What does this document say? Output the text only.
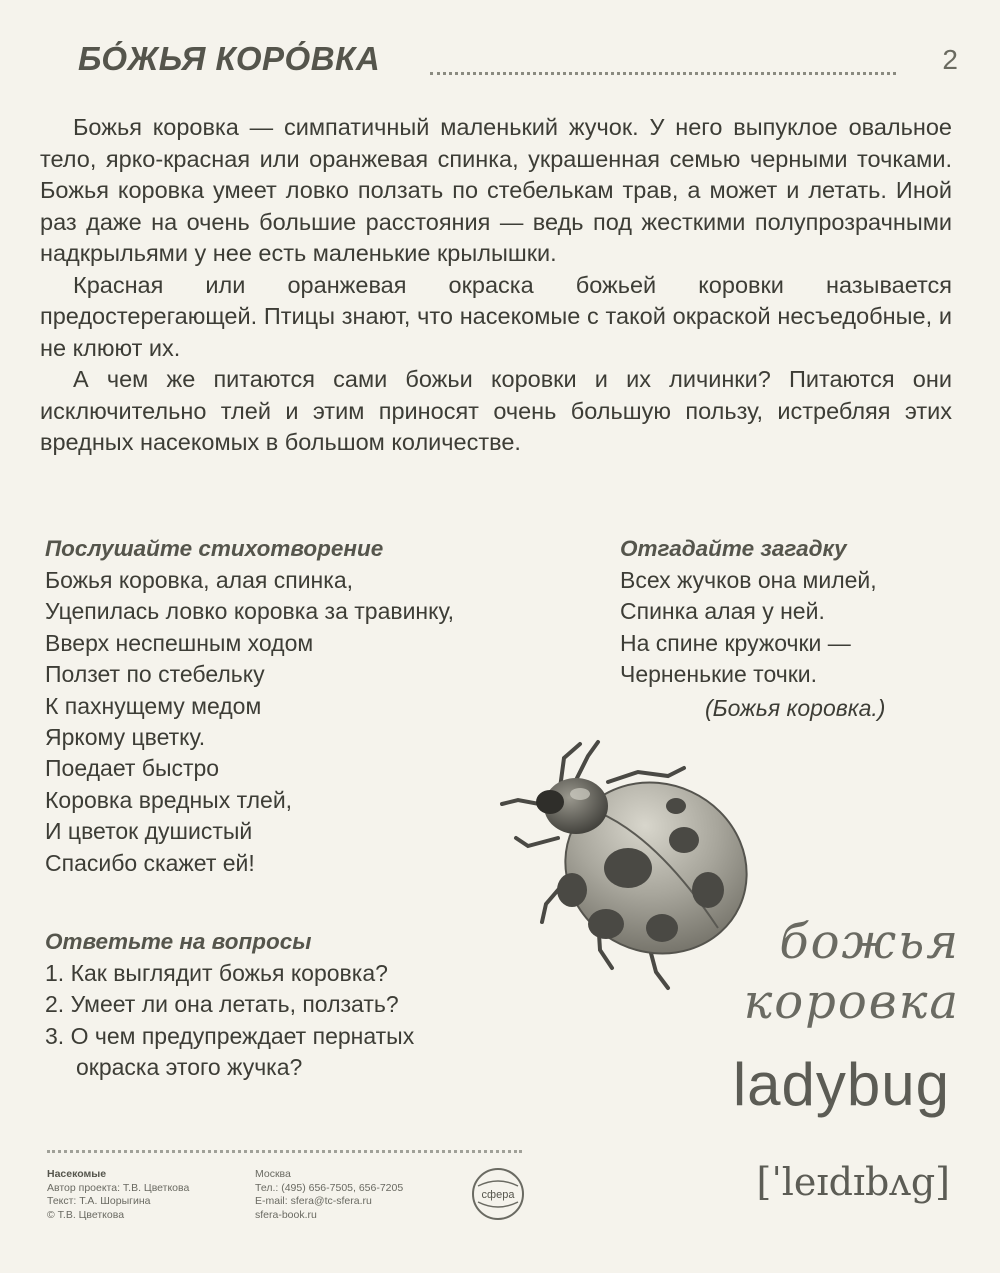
БО́ЖЬЯ КОРО́ВКА	2

Божья коровка — симпатичный маленький жучок. У него выпуклое овальное тело, ярко-красная или оранжевая спинка, украшенная семью черными точками. Божья коровка умеет ловко ползать по стебелькам трав, а может и летать. Иной раз даже на очень большие расстояния — ведь под жесткими полупрозрачными надкрыльями у нее есть маленькие крылышки.

Красная или оранжевая окраска божьей коровки называется предостерегающей. Птицы знают, что насекомые с такой окраской несъедобные, и не клюют их.

А чем же питаются сами божьи коровки и их личинки? Питаются они исключительно тлей и этим приносят очень большую пользу, истребляя этих вредных насекомых в большом количестве.

Послушайте стихотворение
Божья коровка, алая спинка,
Уцепилась ловко коровка за травинку,
Вверх неспешным ходом
Ползет по стебельку
К пахнущему медом
Яркому цветку.
Поедает быстро
Коровка вредных тлей,
И цветок душистый
Спасибо скажет ей!
Отгадайте загадку
Всех жучков она милей,
Спинка алая у ней.
На спине кружочки —
Черненькие точки.
(Божья коровка.)
Ответьте на вопросы
1. Как выглядит божья коровка?
2. Умеет ли она летать, ползать?
3. О чем предупреждает пернатых
окраска этого жучка?
божья
коровка
ladybug
[ˈleɪdɪbʌg]
Насекомые
Автор проекта: Т.В. Цветкова
Текст: Т.А. Шорыгина
© Т.В. Цветкова
Москва
Тел.: (495) 656-7505, 656-7205
E-mail: sfera@tc-sfera.ru
sfera-book.ru
сфера
